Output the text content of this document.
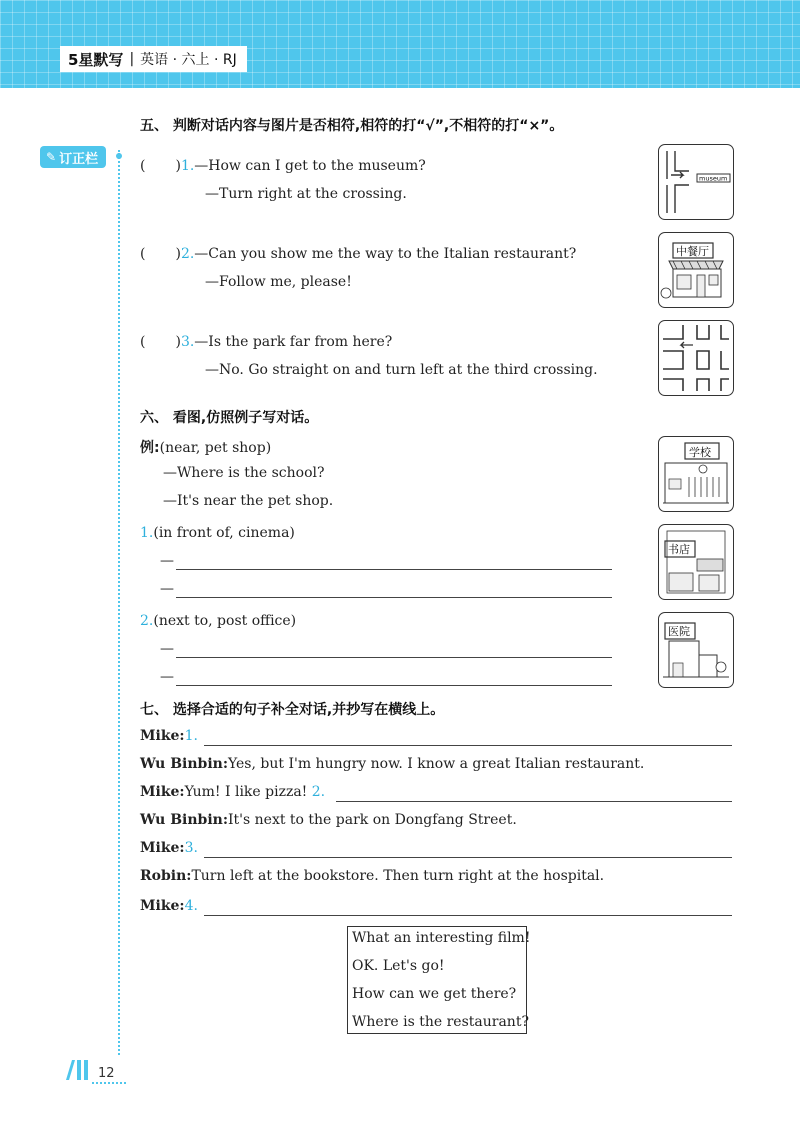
5星默写 | 英语 · 六上 · RJ
✎ 订正栏
五、 判断对话内容与图片是否相符,相符的打“√”,不相符的打“×”。
( )1.—How can I get to the museum?
—Turn right at the crossing.
( )2.—Can you show me the way to the Italian restaurant?
—Follow me, please!
( )3.—Is the park far from here?
—No. Go straight on and turn left at the third crossing.
museum
中餐厅
六、 看图,仿照例子写对话。
例:(near, pet shop)
—Where is the school?
—It's near the pet shop.
1.(in front of, cinema)
—
—
2.(next to, post office)
—
—
学校
书店
医院
七、 选择合适的句子补全对话,并抄写在横线上。
Mike:1.
Wu Binbin:Yes, but I'm hungry now. I know a great Italian restaurant.
Mike:Yum! I like pizza! 2.
Wu Binbin:It's next to the park on Dongfang Street.
Mike:3.
Robin:Turn left at the bookstore. Then turn right at the hospital.
Mike:4.
What an interesting film!
OK. Let's go!
How can we get there?
Where is the restaurant?
12
